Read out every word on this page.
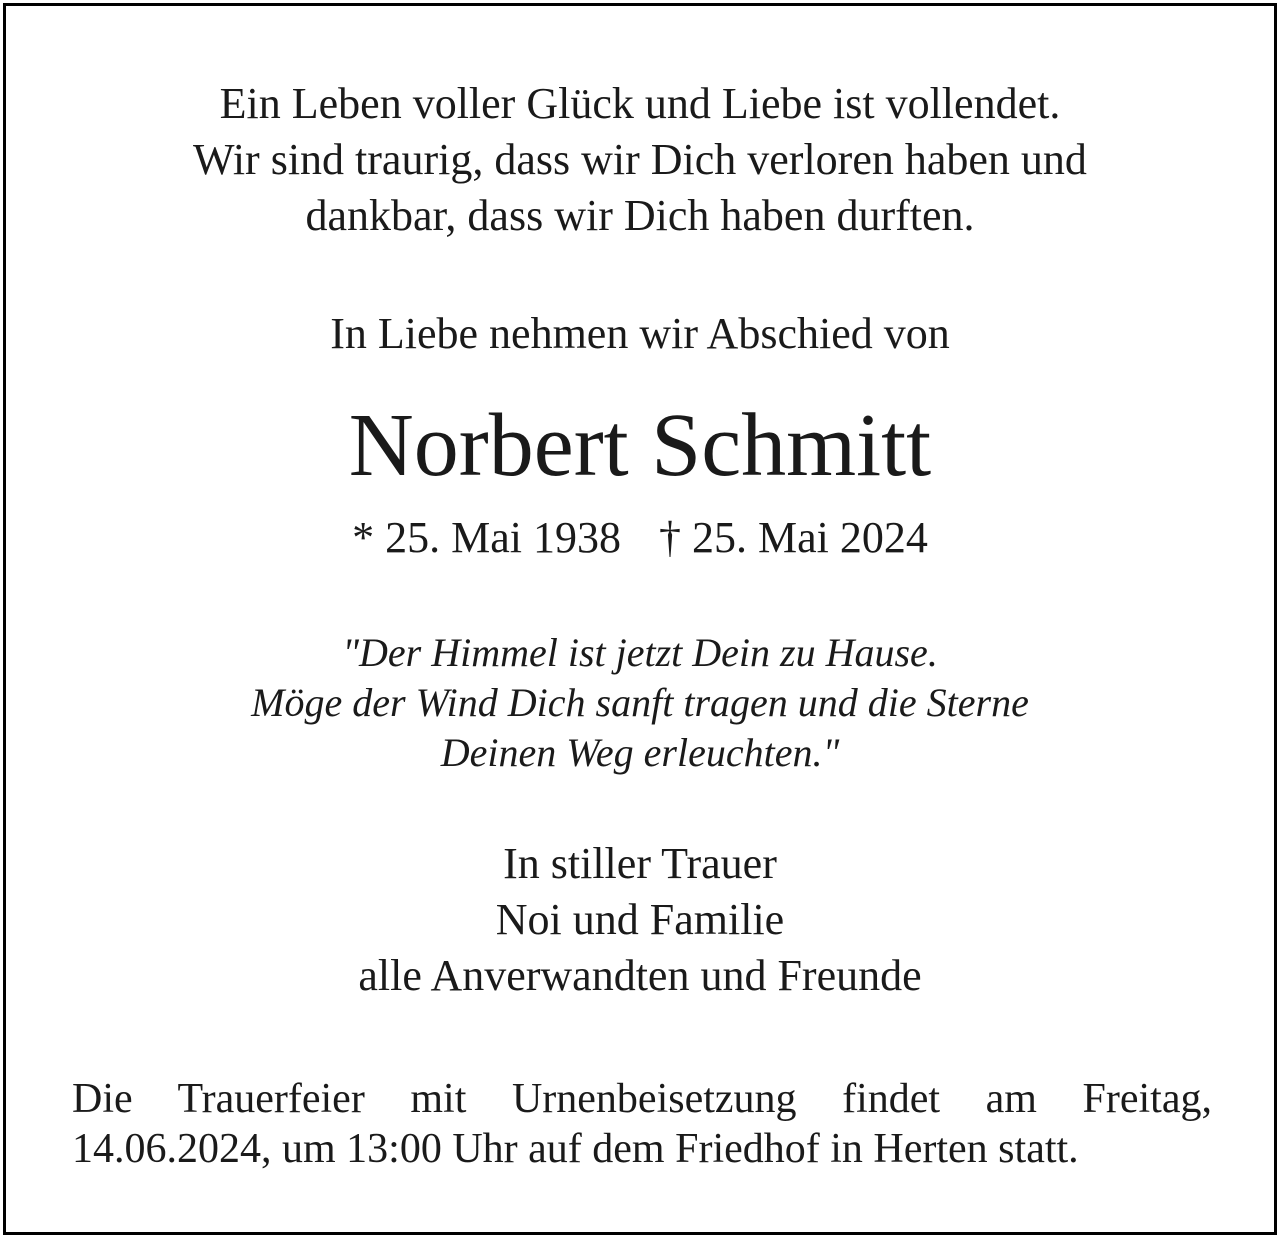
Ein Leben voller Glück und Liebe ist vollendet.
Wir sind traurig, dass wir Dich verloren haben und
dankbar, dass wir Dich haben durften.
In Liebe nehmen wir Abschied von
Norbert Schmitt
* 25. Mai 1938 † 25. Mai 2024
"Der Himmel ist jetzt Dein zu Hause.
Möge der Wind Dich sanft tragen und die Sterne
Deinen Weg erleuchten."
In stiller Trauer
Noi und Familie
alle Anverwandten und Freunde
Die Trauerfeier mit Urnenbeisetzung findet am Freitag,
14.06.2024, um 13:00 Uhr auf dem Friedhof in Herten statt.
